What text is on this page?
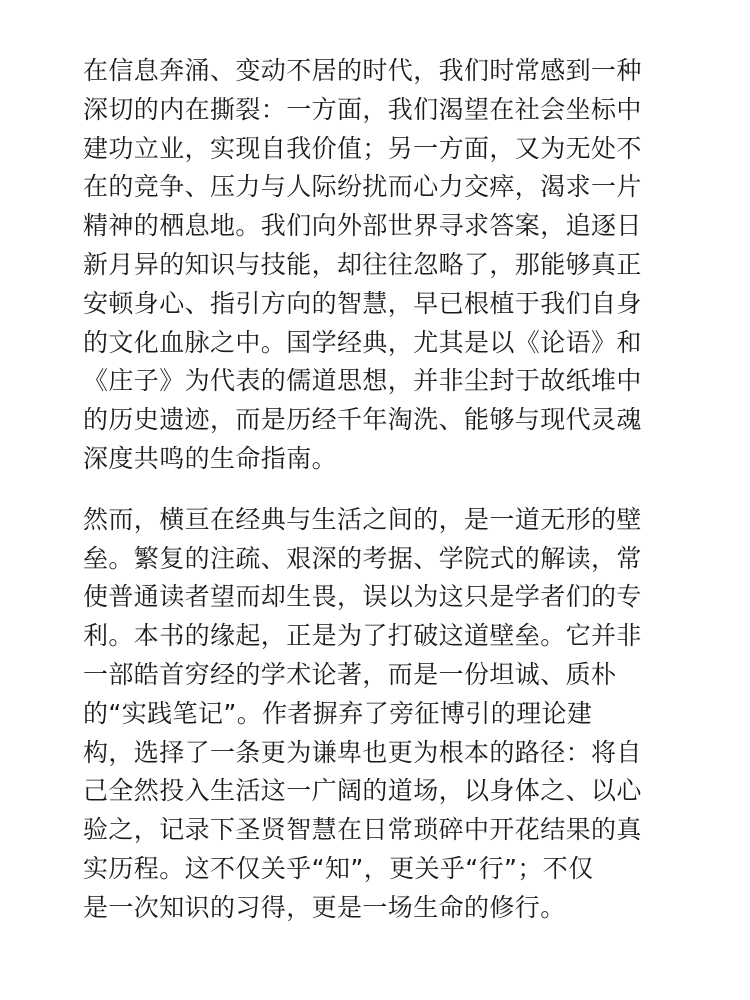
在信息奔涌、变动不居的时代，我们时常感到一种
深切的内在撕裂：一方面，我们渴望在社会坐标中
建功立业，实现自我价值；另一方面，又为无处不
在的竞争、压力与人际纷扰而心力交瘁，渴求一片
精神的栖息地。我们向外部世界寻求答案，追逐日
新月异的知识与技能，却往往忽略了，那能够真正
安顿身心、指引方向的智慧，早已根植于我们自身
的文化血脉之中。国学经典，尤其是以《论语》和
《庄子》为代表的儒道思想，并非尘封于故纸堆中
的历史遗迹，而是历经千年淘洗、能够与现代灵魂
深度共鸣的生命指南。

然而，横亘在经典与生活之间的，是一道无形的壁
垒。繁复的注疏、艰深的考据、学院式的解读，常
使普通读者望而却生畏，误以为这只是学者们的专
利。本书的缘起，正是为了打破这道壁垒。它并非
一部皓首穷经的学术论著，而是一份坦诚、质朴
的“实践笔记”。作者摒弃了旁征博引的理论建
构，选择了一条更为谦卑也更为根本的路径：将自
己全然投入生活这一广阔的道场，以身体之、以心
验之，记录下圣贤智慧在日常琐碎中开花结果的真
实历程。这不仅关乎“知”，更关乎“行”；不仅
是一次知识的习得，更是一场生命的修行。
